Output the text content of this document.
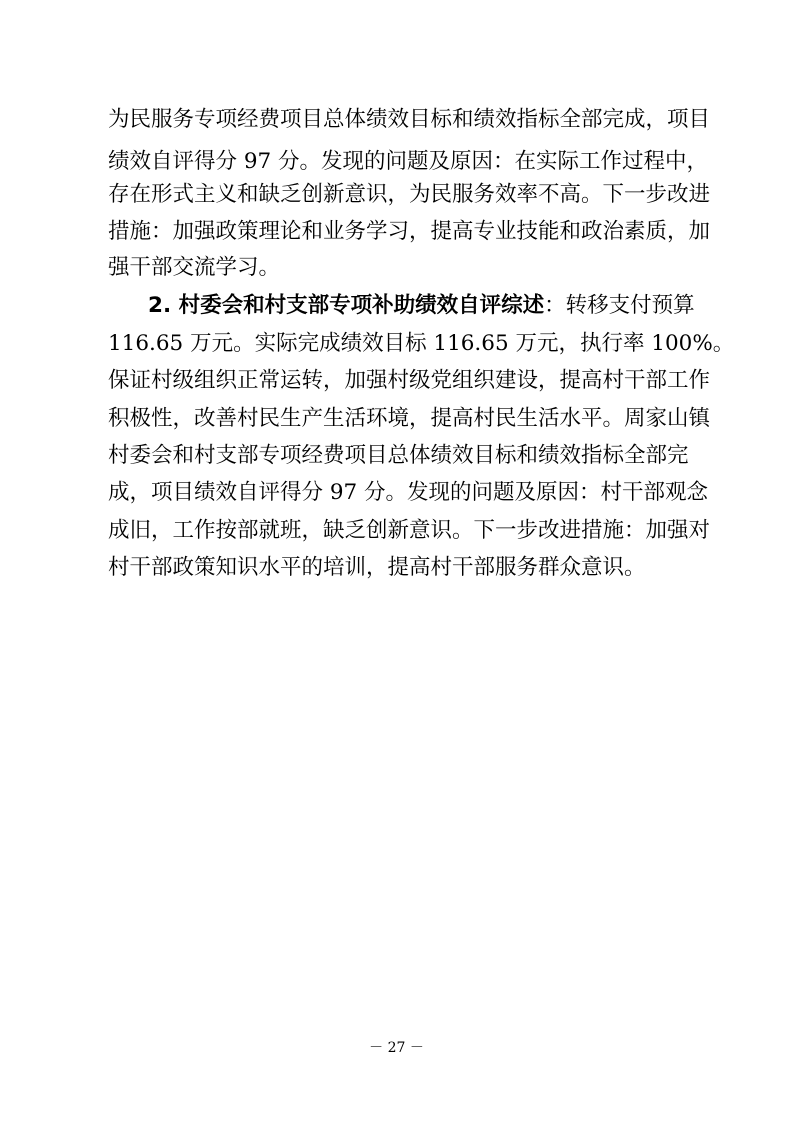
为民服务专项经费项目总体绩效目标和绩效指标全部完成，项目
绩效自评得分 97 分。发现的问题及原因：在实际工作过程中，
存在形式主义和缺乏创新意识，为民服务效率不高。下一步改进
措施：加强政策理论和业务学习，提高专业技能和政治素质，加
强干部交流学习。
2. 村委会和村支部专项补助绩效自评综述：转移支付预算
116.65 万元。实际完成绩效目标 116.65 万元，执行率 100%。
保证村级组织正常运转，加强村级党组织建设，提高村干部工作
积极性，改善村民生产生活环境，提高村民生活水平。周家山镇
村委会和村支部专项经费项目总体绩效目标和绩效指标全部完
成，项目绩效自评得分 97 分。发现的问题及原因：村干部观念
成旧，工作按部就班，缺乏创新意识。下一步改进措施：加强对
村干部政策知识水平的培训，提高村干部服务群众意识。
－ 27 －
